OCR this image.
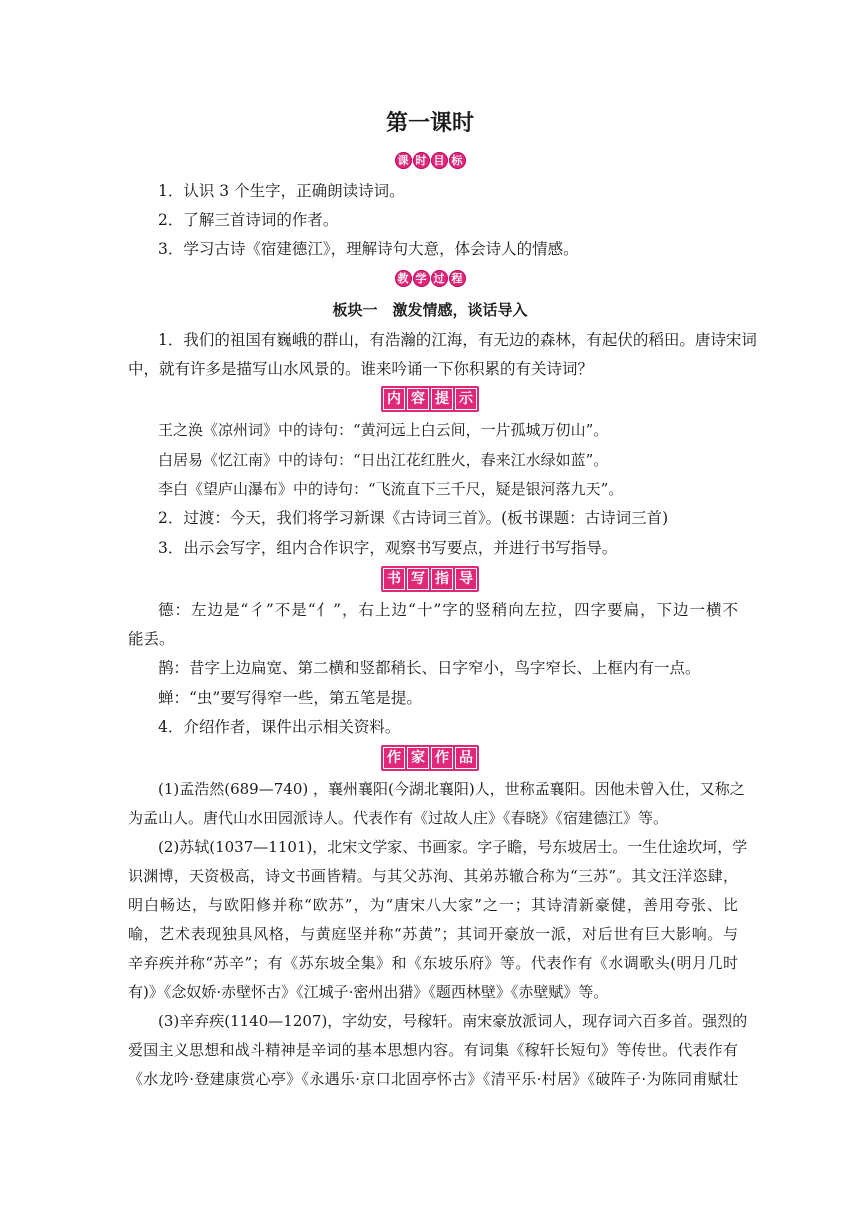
第一课时
课 时 目 标
1．认识 3 个生字，正确朗读诗词。
2．了解三首诗词的作者。
3．学习古诗《宿建德江》，理解诗句大意，体会诗人的情感。
教 学 过 程
板块一　激发情感，谈话导入
1．我们的祖国有巍峨的群山，有浩瀚的江海，有无边的森林，有起伏的稻田。唐诗宋词
中，就有许多是描写山水风景的。谁来吟诵一下你积累的有关诗词？
内 容 提 示
王之涣《凉州词》中的诗句：“黄河远上白云间，一片孤城万仞山”。
白居易《忆江南》中的诗句：“日出江花红胜火，春来江水绿如蓝”。
李白《望庐山瀑布》中的诗句：“飞流直下三千尺，疑是银河落九天”。
2．过渡：今天，我们将学习新课《古诗词三首》。(板书课题：古诗词三首)
3．出示会写字，组内合作识字，观察书写要点，并进行书写指导。
书 写 指 导
德：左边是“彳”不是“亻”，右上边“十”字的竖稍向左拉，四字要扁，下边一横不
能丢。
鹊：昔字上边扁宽、第二横和竖都稍长、日字窄小，鸟字窄长、上框内有一点。
蝉：“虫”要写得窄一些，第五笔是提。
4．介绍作者，课件出示相关资料。
作 家 作 品
(1)孟浩然(689—740) ，襄州襄阳(今湖北襄阳)人，世称孟襄阳。因他未曾入仕，又称之
为孟山人。唐代山水田园派诗人。代表作有《过故人庄》《春晓》《宿建德江》等。
(2)苏轼(1037—1101)，北宋文学家、书画家。字子瞻，号东坡居士。一生仕途坎坷，学
识渊博，天资极高，诗文书画皆精。与其父苏洵、其弟苏辙合称为“三苏”。其文汪洋恣肆，
明白畅达，与欧阳修并称“欧苏”，为“唐宋八大家”之一；其诗清新豪健，善用夸张、比
喻，艺术表现独具风格，与黄庭坚并称“苏黄”；其词开豪放一派，对后世有巨大影响。与
辛弃疾并称“苏辛”；有《苏东坡全集》和《东坡乐府》等。代表作有《水调歌头(明月几时
有)》《念奴娇·赤壁怀古》《江城子·密州出猎》《题西林壁》《赤壁赋》等。
(3)辛弃疾(1140—1207)，字幼安，号稼轩。南宋豪放派词人，现存词六百多首。强烈的
爱国主义思想和战斗精神是辛词的基本思想内容。有词集《稼轩长短句》等传世。代表作有
《水龙吟·登建康赏心亭》《永遇乐·京口北固亭怀古》《清平乐·村居》《破阵子·为陈同甫赋壮
